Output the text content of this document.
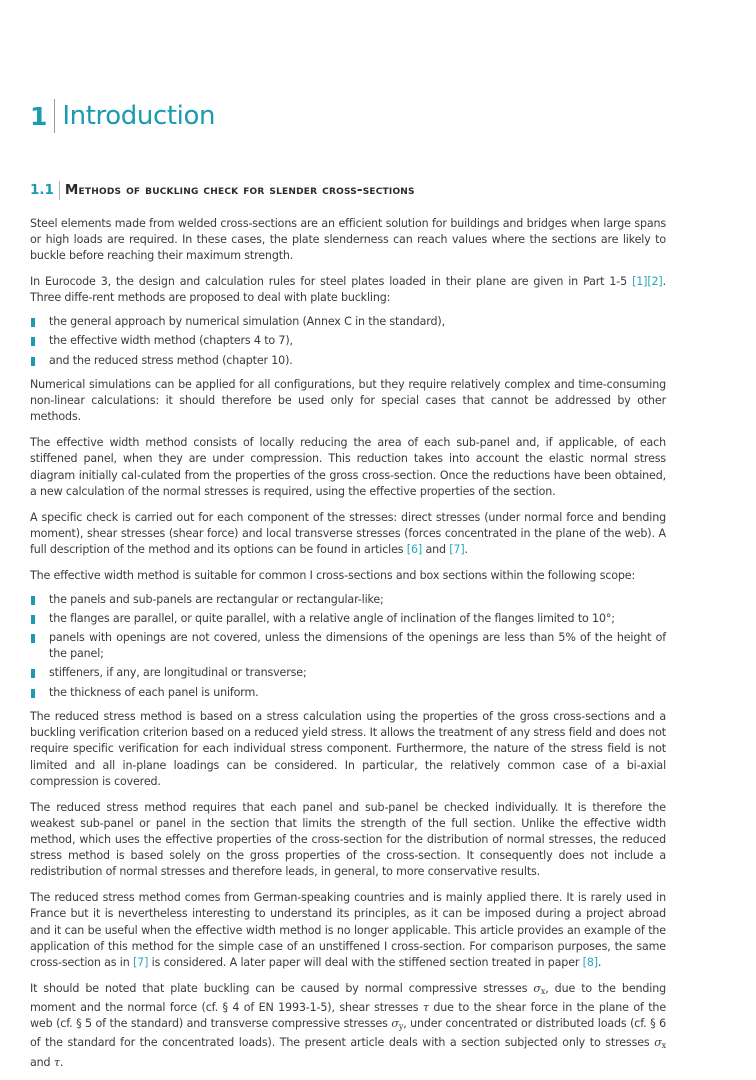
1 Introduction
1.1 Methods of buckling check for slender cross-sections

Steel elements made from welded cross-sections are an efficient solution for buildings and bridges when large spans or high loads are required. In these cases, the plate slenderness can reach values where the sections are likely to buckle before reaching their maximum strength.

In Eurocode 3, the design and calculation rules for steel plates loaded in their plane are given in Part 1-5 [1][2]. Three diffe-rent methods are proposed to deal with plate buckling:

the general approach by numerical simulation (Annex C in the standard),
the effective width method (chapters 4 to 7),
and the reduced stress method (chapter 10).

Numerical simulations can be applied for all configurations, but they require relatively complex and time-consuming non-linear calculations: it should therefore be used only for special cases that cannot be addressed by other methods.

The effective width method consists of locally reducing the area of each sub-panel and, if applicable, of each stiffened panel, when they are under compression. This reduction takes into account the elastic normal stress diagram initially cal-culated from the properties of the gross cross-section. Once the reductions have been obtained, a new calculation of the normal stresses is required, using the effective properties of the section.

A specific check is carried out for each component of the stresses: direct stresses (under normal force and bending moment), shear stresses (shear force) and local transverse stresses (forces concentrated in the plane of the web). A full description of the method and its options can be found in articles [6] and [7].

The effective width method is suitable for common I cross-sections and box sections within the following scope:

the panels and sub-panels are rectangular or rectangular-like;
the flanges are parallel, or quite parallel, with a relative angle of inclination of the flanges limited to 10°;
panels with openings are not covered, unless the dimensions of the openings are less than 5% of the height of the panel;
stiffeners, if any, are longitudinal or transverse;
the thickness of each panel is uniform.

The reduced stress method is based on a stress calculation using the properties of the gross cross-sections and a buckling verification criterion based on a reduced yield stress. It allows the treatment of any stress field and does not require specific verification for each individual stress component. Furthermore, the nature of the stress field is not limited and all in-plane loadings can be considered. In particular, the relatively common case of a bi-axial compression is covered.

The reduced stress method requires that each panel and sub-panel be checked individually. It is therefore the weakest sub-panel or panel in the section that limits the strength of the full section. Unlike the effective width method, which uses the effective properties of the cross-section for the distribution of normal stresses, the reduced stress method is based solely on the gross properties of the cross-section. It consequently does not include a redistribution of normal stresses and therefore leads, in general, to more conservative results.

The reduced stress method comes from German-speaking countries and is mainly applied there. It is rarely used in France but it is nevertheless interesting to understand its principles, as it can be imposed during a project abroad and it can be useful when the effective width method is no longer applicable. This article provides an example of the application of this method for the simple case of an unstiffened I cross-section. For comparison purposes, the same cross-section as in [7] is considered. A later paper will deal with the stiffened section treated in paper [8].

It should be noted that plate buckling can be caused by normal compressive stresses $\sigma_x$, due to the bending moment and the normal force (cf. § 4 of EN 1993-1-5), shear stresses τ due to the shear force in the plane of the web (cf. § 5 of the standard) and transverse compressive stresses $\sigma_y$, under concentrated or distributed loads (cf. § 6 of the standard for the concentrated loads). The present article deals with a section subjected only to stresses $\sigma_x$ and τ.
